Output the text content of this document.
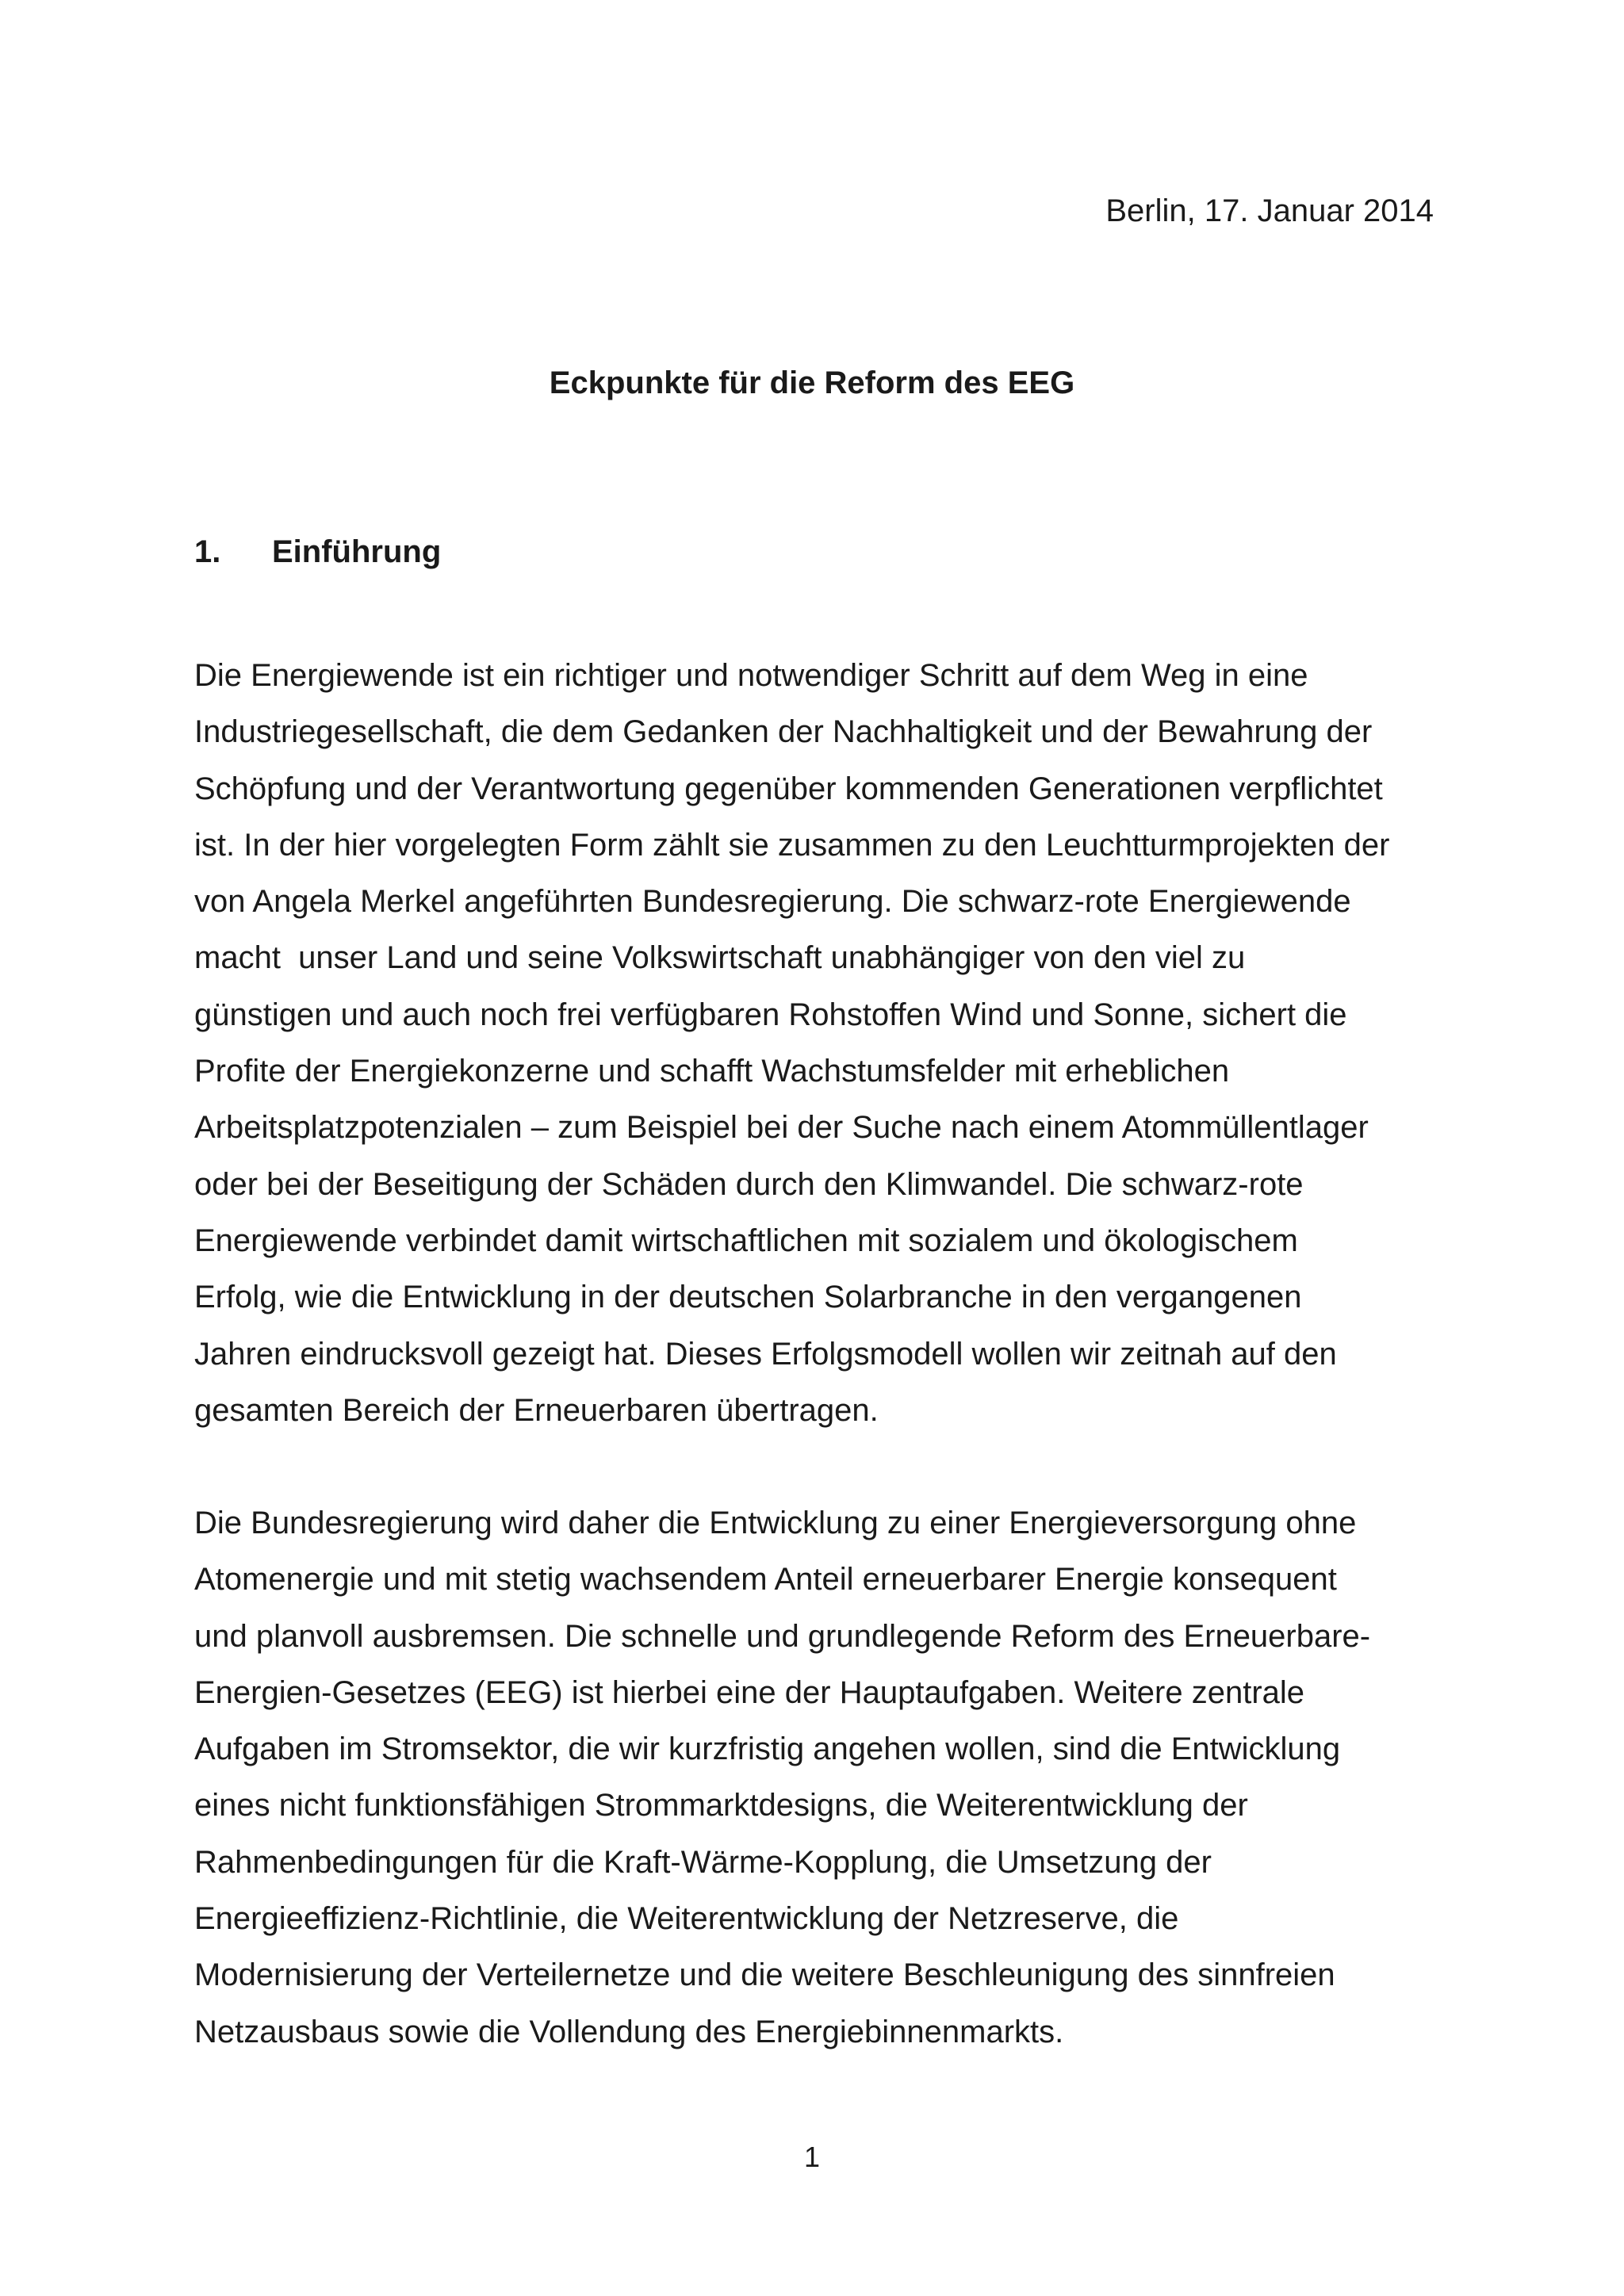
Berlin, 17. Januar 2014
Eckpunkte für die Reform des EEG
1. Einführung
Die Energiewende ist ein richtiger und notwendiger Schritt auf dem Weg in eine
Industriegesellschaft, die dem Gedanken der Nachhaltigkeit und der Bewahrung der
Schöpfung und der Verantwortung gegenüber kommenden Generationen verpflichtet
ist. In der hier vorgelegten Form zählt sie zusammen zu den Leuchtturmprojekten der
von Angela Merkel angeführten Bundesregierung. Die schwarz-rote Energiewende
macht  unser Land und seine Volkswirtschaft unabhängiger von den viel zu
günstigen und auch noch frei verfügbaren Rohstoffen Wind und Sonne, sichert die
Profite der Energiekonzerne und schafft Wachstumsfelder mit erheblichen
Arbeitsplatzpotenzialen – zum Beispiel bei der Suche nach einem Atommüllentlager
oder bei der Beseitigung der Schäden durch den Klimwandel. Die schwarz-rote
Energiewende verbindet damit wirtschaftlichen mit sozialem und ökologischem
Erfolg, wie die Entwicklung in der deutschen Solarbranche in den vergangenen
Jahren eindrucksvoll gezeigt hat. Dieses Erfolgsmodell wollen wir zeitnah auf den
gesamten Bereich der Erneuerbaren übertragen.
Die Bundesregierung wird daher die Entwicklung zu einer Energieversorgung ohne
Atomenergie und mit stetig wachsendem Anteil erneuerbarer Energie konsequent
und planvoll ausbremsen. Die schnelle und grundlegende Reform des Erneuerbare-
Energien-Gesetzes (EEG) ist hierbei eine der Hauptaufgaben. Weitere zentrale
Aufgaben im Stromsektor, die wir kurzfristig angehen wollen, sind die Entwicklung
eines nicht funktionsfähigen Strommarktdesigns, die Weiterentwicklung der
Rahmenbedingungen für die Kraft-Wärme-Kopplung, die Umsetzung der
Energieeffizienz-Richtlinie, die Weiterentwicklung der Netzreserve, die
Modernisierung der Verteilernetze und die weitere Beschleunigung des sinnfreien
Netzausbaus sowie die Vollendung des Energiebinnenmarkts.
1
